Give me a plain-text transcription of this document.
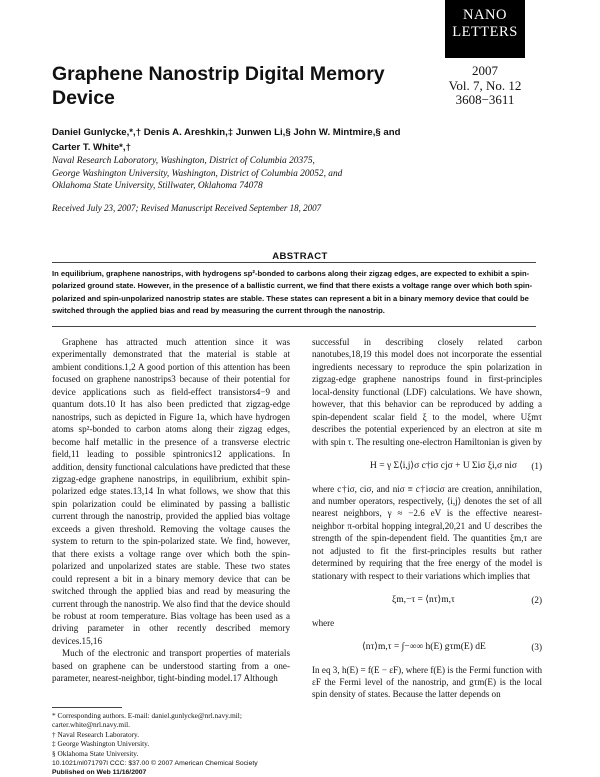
NANO
LETTERS
2007
Vol. 7, No. 12
3608−3611
Graphene Nanostrip Digital Memory Device
Daniel Gunlycke,*,† Denis A. Areshkin,‡ Junwen Li,§ John W. Mintmire,§ and
Carter T. White*,†
Naval Research Laboratory, Washington, District of Columbia 20375,
George Washington University, Washington, District of Columbia 20052, and
Oklahoma State University, Stillwater, Oklahoma 74078
Received July 23, 2007; Revised Manuscript Received September 18, 2007
ABSTRACT
In equilibrium, graphene nanostrips, with hydrogens sp²-bonded to carbons along their zigzag edges, are expected to exhibit a spin-polarized ground state. However, in the presence of a ballistic current, we find that there exists a voltage range over which both spin-polarized and spin-unpolarized nanostrip states are stable. These states can represent a bit in a binary memory device that could be switched through the applied bias and read by measuring the current through the nanostrip.

Graphene has attracted much attention since it was experimentally demonstrated that the material is stable at ambient conditions.1,2 A good portion of this attention has been focused on graphene nanostrips3 because of their potential for device applications such as field-effect transistors4−9 and quantum dots.10 It has also been predicted that zigzag-edge nanostrips, such as depicted in Figure 1a, which have hydrogen atoms sp²-bonded to carbon atoms along their zigzag edges, become half metallic in the presence of a transverse electric field,11 leading to possible spintronics12 applications. In addition, density functional calculations have predicted that these zigzag-edge graphene nanostrips, in equilibrium, exhibit spin-polarized edge states.13,14 In what follows, we show that this spin polarization could be eliminated by passing a ballistic current through the nanostrip, provided the applied bias voltage exceeds a given threshold. Removing the voltage causes the system to return to the spin-polarized state. We find, however, that there exists a voltage range over which both the spin-polarized and unpolarized states are stable. These two states could represent a bit in a binary memory device that can be switched through the applied bias and read by measuring the current through the nanostrip. We also find that the device should be robust at room temperature. Bias voltage has been used as a driving parameter in other recently described memory devices.15,16

Much of the electronic and transport properties of materials based on graphene can be understood starting from a one-parameter, nearest-neighbor, tight-binding model.17 Although

* Corresponding authors. E-mail: daniel.gunlycke@nrl.navy.mil; carter.white@nrl.navy.mil.
† Naval Research Laboratory.
‡ George Washington University.
§ Oklahoma State University.
10.1021/nl071797l CCC: $37.00 © 2007 American Chemical Society
Published on Web 11/16/2007

successful in describing closely related carbon nanotubes,18,19 this model does not incorporate the essential ingredients necessary to reproduce the spin polarization in zigzag-edge graphene nanostrips found in first-principles local-density functional (LDF) calculations. We have shown, however, that this behavior can be reproduced by adding a spin-dependent scalar field ξ to the model, where Uξmτ describes the potential experienced by an electron at site m with spin τ. The resulting one-electron Hamiltonian is given by

H = γ Σ⟨i,j⟩σ c†iσ cjσ + U Σiσ ξi,σ niσ (1)

where c†iσ, ciσ, and niσ ≡ c†iσciσ are creation, annihilation, and number operators, respectively, ⟨i,j⟩ denotes the set of all nearest neighbors, γ ≈ −2.6 eV is the effective nearest-neighbor π-orbital hopping integral,20,21 and U describes the strength of the spin-dependent field. The quantities ξm,τ are not adjusted to fit the first-principles results but rather determined by requiring that the free energy of the model is stationary with respect to their variations which implies that

ξm,−τ = ⟨nτ⟩m,τ	(2)

where

⟨nτ⟩m,τ = ∫−∞∞ h(E) gτm(E) dE	(3)

In eq 3, h(E) = f(E − εF), where f(E) is the Fermi function with εF the Fermi level of the nanostrip, and gτm(E) is the local spin density of states. Because the latter depends on
